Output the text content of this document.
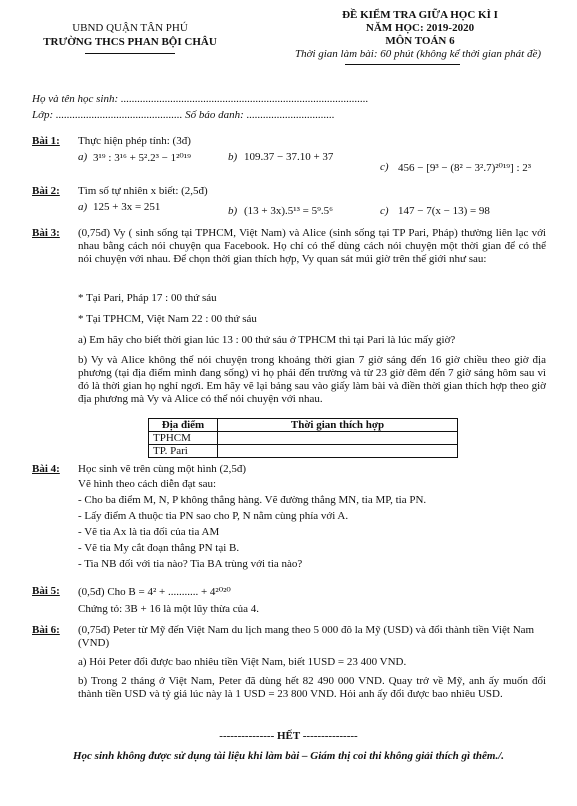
UBND QUẬN TÂN PHÚ
TRƯỜNG THCS PHAN BỘI CHÂU
ĐỀ KIỂM TRA GIỮA HỌC KÌ I
NĂM HỌC: 2019-2020
MÔN TOÁN 6
Thời gian làm bài: 60 phút (không kể thời gian phát đề)
Họ và tên học sinh: ..........................................................................................
Lớp: .............................................. Số báo danh: ................................
Bài 1: Thực hiện phép tính: (3đ)
a) 3¹⁹ : 3¹⁶ + 5².2³ − 1²⁰¹⁹	b) 109.37 − 37.10 + 37
c) 456 − [9³ − (8² − 3².7)²⁰¹⁹] : 2³
Bài 2: Tìm số tự nhiên x biết: (2,5đ)
a) 125 + 3x = 251	b) (13 + 3x).5¹³ = 5⁹.5⁶	c) 147 − 7(x − 13) = 98
Bài 3: (0,75đ) Vy ( sinh sống tại TPHCM, Việt Nam) và Alice (sinh sống tại TP Pari, Pháp) thường liên lạc với nhau bằng cách nói chuyện qua Facebook. Họ chỉ có thể dùng cách nói chuyện một thời gian để có thể nói chuyện với nhau. Để chọn thời gian thích hợp, Vy quan sát múi giờ trên thế giới như sau:
* Tại Pari, Pháp 17 : 00 thứ sáu
* Tại TPHCM, Việt Nam 22 : 00 thứ sáu
a) Em hãy cho biết thời gian lúc 13 : 00 thứ sáu ở TPHCM thì tại Pari là lúc mấy giờ?
b) Vy và Alice không thể nói chuyện trong khoảng thời gian 7 giờ sáng đến 16 giờ chiều theo giờ địa phương (tại địa điểm mình đang sống) vì họ phải đến trường và từ 23 giờ đêm đến 7 giờ sáng hôm sau vì đó là thời gian họ nghỉ ngơi. Em hãy vẽ lại bảng sau vào giấy làm bài và điền thời gian thích hợp theo giờ địa phương mà Vy và Alice có thể nói chuyện với nhau.
Địa điểm	Thời gian thích hợp
TPHCM	
TP. Pari	
Bài 4: Học sinh vẽ trên cùng một hình (2,5đ)
Vẽ hình theo cách diễn đạt sau:
- Cho ba điểm M, N, P không thẳng hàng. Vẽ đường thẳng MN, tia MP, tia PN.
- Lấy điểm A thuộc tia PN sao cho P, N nằm cùng phía với A.
- Vẽ tia Ax là tia đối của tia AM
- Vẽ tia My cắt đoạn thẳng PN tại B.
- Tia NB đối với tia nào? Tia BA trùng với tia nào?
Bài 5: (0,5đ) Cho B = 4² + ........... + 4²⁰²⁰
Chứng tỏ: 3B + 16 là một lũy thừa của 4.
Bài 6: (0,75đ) Peter từ Mỹ đến Việt Nam du lịch mang theo 5 000 đô la Mỹ (USD) và đổi thành tiền Việt Nam (VND)
a) Hỏi Peter đổi được bao nhiêu tiền Việt Nam, biết 1USD = 23 400 VND.
b) Trong 2 tháng ở Việt Nam, Peter đã dùng hết 82 490 000 VND. Quay trở về Mỹ, anh ấy muốn đổi thành tiền USD và tỷ giá lúc này là 1 USD = 23 800 VND. Hỏi anh ấy đổi được bao nhiêu USD.
--------------- HẾT ---------------
Học sinh không được sử dụng tài liệu khi làm bài – Giám thị coi thi không giải thích gì thêm./.
